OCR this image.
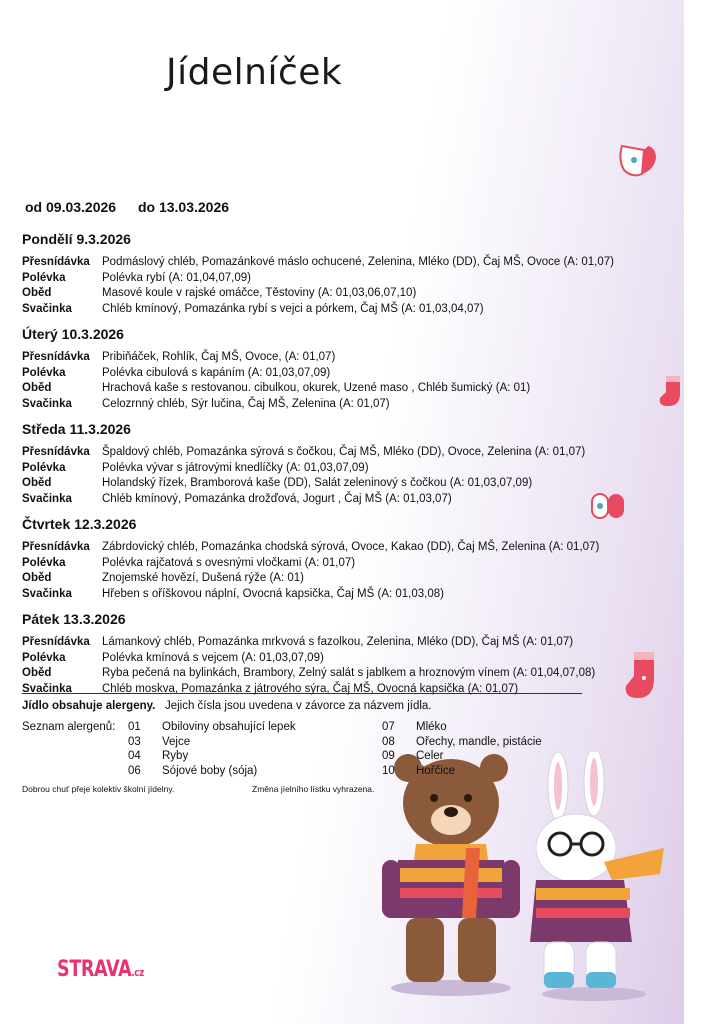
Jídelníček
od 09.03.2026 do 13.03.2026
Pondělí 9.3.2026
Přesnídávka	Podmáslový chléb, Pomazánkové máslo ochucené, Zelenina, Mléko (DD), Čaj MŠ, Ovoce (A: 01,07)
Polévka	Polévka rybí (A: 01,04,07,09)
Oběd	Masové koule v rajské omáčce, Těstoviny (A: 01,03,06,07,10)
Svačinka	Chléb kmínový, Pomazánka rybí s vejci a pórkem, Čaj MŠ (A: 01,03,04,07)
Úterý 10.3.2026
Přesnídávka	Pribiňáček, Rohlík, Čaj MŠ, Ovoce, (A: 01,07)
Polévka	Polévka cibulová s kapáním (A: 01,03,07,09)
Oběd	Hrachová kaše s restovanou. cibulkou, okurek, Uzené maso , Chléb šumický (A: 01)
Svačinka	Celozrnný chléb, Sýr lučina, Čaj MŠ, Zelenina (A: 01,07)
Středa 11.3.2026
Přesnídávka	Špaldový chléb, Pomazánka sýrová s čočkou, Čaj MŠ, Mléko (DD), Ovoce, Zelenina (A: 01,07)
Polévka	Polévka vývar s játrovými knedlíčky (A: 01,03,07,09)
Oběd	Holandský řízek, Bramborová kaše (DD), Salát zeleninový s čočkou (A: 01,03,07,09)
Svačinka	Chléb kmínový, Pomazánka drožďová, Jogurt , Čaj MŠ (A: 01,03,07)
Čtvrtek 12.3.2026
Přesnídávka	Zábrdovický chléb, Pomazánka chodská sýrová, Ovoce, Kakao (DD), Čaj MŠ, Zelenina (A: 01,07)
Polévka	Polévka rajčatová s ovesnými vločkami (A: 01,07)
Oběd	Znojemské hovězí, Dušená rýže (A: 01)
Svačinka	Hřeben s oříškovou náplní, Ovocná kapsička, Čaj MŠ (A: 01,03,08)
Pátek 13.3.2026
Přesnídávka	Lámankový chléb, Pomazánka mrkvová s fazolkou, Zelenina, Mléko (DD), Čaj MŠ (A: 01,07)
Polévka	Polévka kmínová s vejcem (A: 01,03,07,09)
Oběd	Ryba pečená na bylinkách, Brambory, Zelný salát s jablkem a hroznovým vínem (A: 01,04,07,08)
Svačinka	Chléb moskva, Pomazánka z játrového sýra, Čaj MŠ, Ovocná kapsička (A: 01,07)
Jídlo obsahuje alergeny. Jejich čísla jsou uvedena v závorce za názvem jídla.
Seznam alergenů: 01 Obiloviny obsahující lepek
03 Vejce
04 Ryby
06 Sójové boby (sója)
07 Mléko
08 Ořechy, mandle, pistácie
09 Celer
10 Hořčice
Dobrou chuť přeje kolektiv školní jídelny.	Změna jíelního lístku vyhrazena.
STRAVA.cz
